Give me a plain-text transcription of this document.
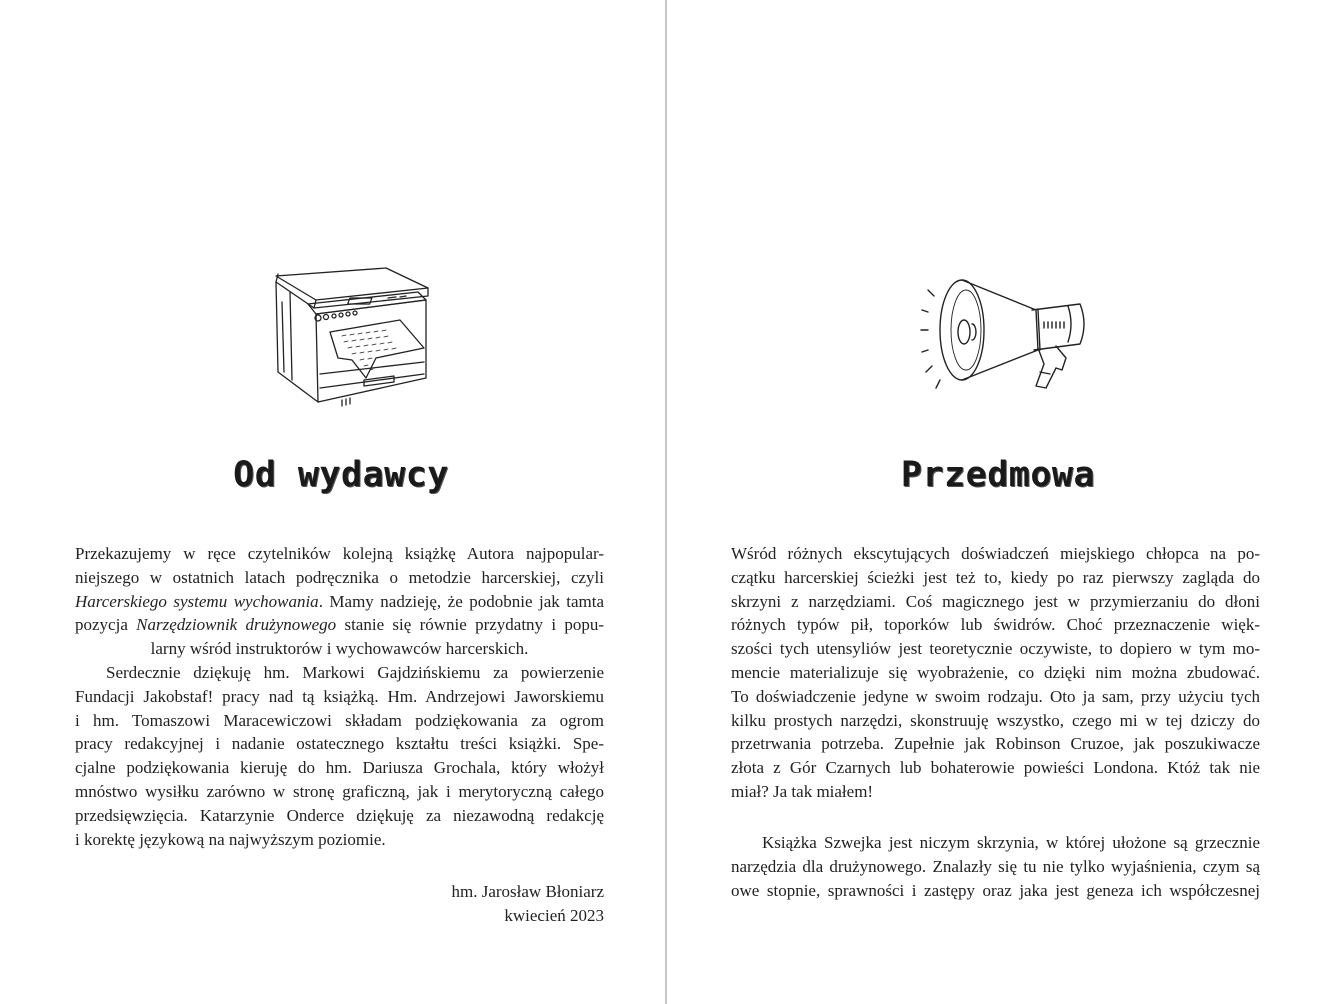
Od wydawcy
Przekazujemy w ręce czytelników kolejną książkę Autora najpopular-
niejszego w ostatnich latach podręcznika o metodzie harcerskiej, czyli
Harcerskiego systemu wychowania. Mamy nadzieję, że podobnie jak tamta
pozycja Narzędziownik drużynowego stanie się równie przydatny i popu-
larny wśród instruktorów i wychowawców harcerskich.
Serdecznie dziękuję hm. Markowi Gajdzińskiemu za powierzenie
Fundacji Jakobstaf! pracy nad tą książką. Hm. Andrzejowi Jaworskiemu
i hm. Tomaszowi Maracewiczowi składam podziękowania za ogrom
pracy redakcyjnej i nadanie ostatecznego kształtu treści książki. Spe-
cjalne podziękowania kieruję do hm. Dariusza Grochala, który włożył
mnóstwo wysiłku zarówno w stronę graficzną, jak i merytoryczną całego
przedsięwzięcia. Katarzynie Onderce dziękuję za niezawodną redakcję
i korektę językową na najwyższym poziomie.
hm. Jarosław Błoniarz
kwiecień 2023
Przedmowa
Wśród różnych ekscytujących doświadczeń miejskiego chłopca na po-
czątku harcerskiej ścieżki jest też to, kiedy po raz pierwszy zagląda do
skrzyni z narzędziami. Coś magicznego jest w przymierzaniu do dłoni
różnych typów pił, toporków lub świdrów. Choć przeznaczenie więk-
szości tych utensyliów jest teoretycznie oczywiste, to dopiero w tym mo-
mencie materializuje się wyobrażenie, co dzięki nim można zbudować.
To doświadczenie jedyne w swoim rodzaju. Oto ja sam, przy użyciu tych
kilku prostych narzędzi, skonstruuję wszystko, czego mi w tej dziczy do
przetrwania potrzeba. Zupełnie jak Robinson Cruzoe, jak poszukiwacze
złota z Gór Czarnych lub bohaterowie powieści Londona. Któż tak nie
miał? Ja tak miałem!
Książka Szwejka jest niczym skrzynia, w której ułożone są grzecznie
narzędzia dla drużynowego. Znalazły się tu nie tylko wyjaśnienia, czym są
owe stopnie, sprawności i zastępy oraz jaka jest geneza ich współczesnej
